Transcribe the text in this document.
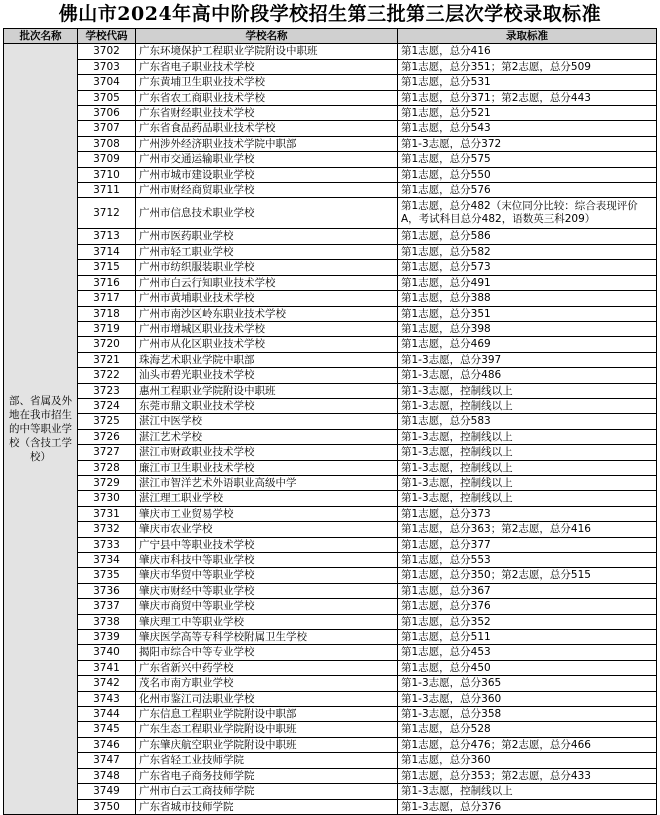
佛山市2024年高中阶段学校招生第三批第三层次学校录取标准
批次名称	学校代码	学校名称	录取标准
部、省属及外地在我市招生的中等职业学校（含技工学校）	3702	广东环境保护工程职业学院附设中职班	第1志愿，总分416
	3703	广东省电子职业技术学校	第1志愿，总分351；第2志愿，总分509
	3704	广东黄埔卫生职业技术学校	第1志愿，总分531
	3705	广东省农工商职业技术学校	第1志愿，总分371；第2志愿，总分443
	3706	广东省财经职业技术学校	第1志愿，总分521
	3707	广东省食品药品职业技术学校	第1志愿，总分543
	3708	广州涉外经济职业技术学院中职部	第1-3志愿，总分372
	3709	广州市交通运输职业学校	第1志愿，总分575
	3710	广州市城市建设职业学校	第1志愿，总分550
	3711	广州市财经商贸职业学校	第1志愿，总分576
	3712	广州市信息技术职业学校	第1志愿，总分482（末位同分比较：综合表现评价A，考试科目总分482，语数英三科209）
	3713	广州市医药职业学校	第1志愿，总分586
	3714	广州市轻工职业学校	第1志愿，总分582
	3715	广州市纺织服装职业学校	第1志愿，总分573
	3716	广州市白云行知职业技术学校	第1志愿，总分491
	3717	广州市黄埔职业技术学校	第1志愿，总分388
	3718	广州市南沙区岭东职业技术学校	第1志愿，总分351
	3719	广州市增城区职业技术学校	第1志愿，总分398
	3720	广州市从化区职业技术学校	第1志愿，总分469
	3721	珠海艺术职业学院中职部	第1-3志愿，总分397
	3722	汕头市碧光职业技术学校	第1-3志愿，总分486
	3723	惠州工程职业学院附设中职班	第1-3志愿，控制线以上
	3724	东莞市鼎文职业技术学校	第1-3志愿，控制线以上
	3725	湛江中医学校	第1志愿，总分583
	3726	湛江艺术学校	第1-3志愿，控制线以上
	3727	湛江市财政职业技术学校	第1-3志愿，控制线以上
	3728	廉江市卫生职业技术学校	第1-3志愿，控制线以上
	3729	湛江市智洋艺术外语职业高级中学	第1-3志愿，控制线以上
	3730	湛江理工职业学校	第1-3志愿，控制线以上
	3731	肇庆市工业贸易学校	第1志愿，总分373
	3732	肇庆市农业学校	第1志愿，总分363；第2志愿，总分416
	3733	广宁县中等职业技术学校	第1志愿，总分377
	3734	肇庆市科技中等职业学校	第1志愿，总分553
	3735	肇庆市华贸中等职业学校	第1志愿，总分350；第2志愿，总分515
	3736	肇庆市财经中等职业学校	第1志愿，总分367
	3737	肇庆市商贸中等职业学校	第1志愿，总分376
	3738	肇庆理工中等职业学校	第1志愿，总分352
	3739	肇庆医学高等专科学校附属卫生学校	第1志愿，总分511
	3740	揭阳市综合中等专业学校	第1志愿，总分453
	3741	广东省新兴中药学校	第1志愿，总分450
	3742	茂名市南方职业学校	第1-3志愿，总分365
	3743	化州市鉴江司法职业学校	第1-3志愿，总分360
	3744	广东信息工程职业学院附设中职部	第1-3志愿，总分358
	3745	广东生态工程职业学院附设中职班	第1志愿，总分528
	3746	广东肇庆航空职业学院附设中职班	第1志愿，总分476；第2志愿，总分466
	3747	广东省轻工业技师学院	第1志愿，总分360
	3748	广东省电子商务技师学院	第1志愿，总分353；第2志愿，总分433
	3749	广州市白云工商技师学院	第1-3志愿，控制线以上
	3750	广东省城市技师学院	第1-3志愿，总分376
